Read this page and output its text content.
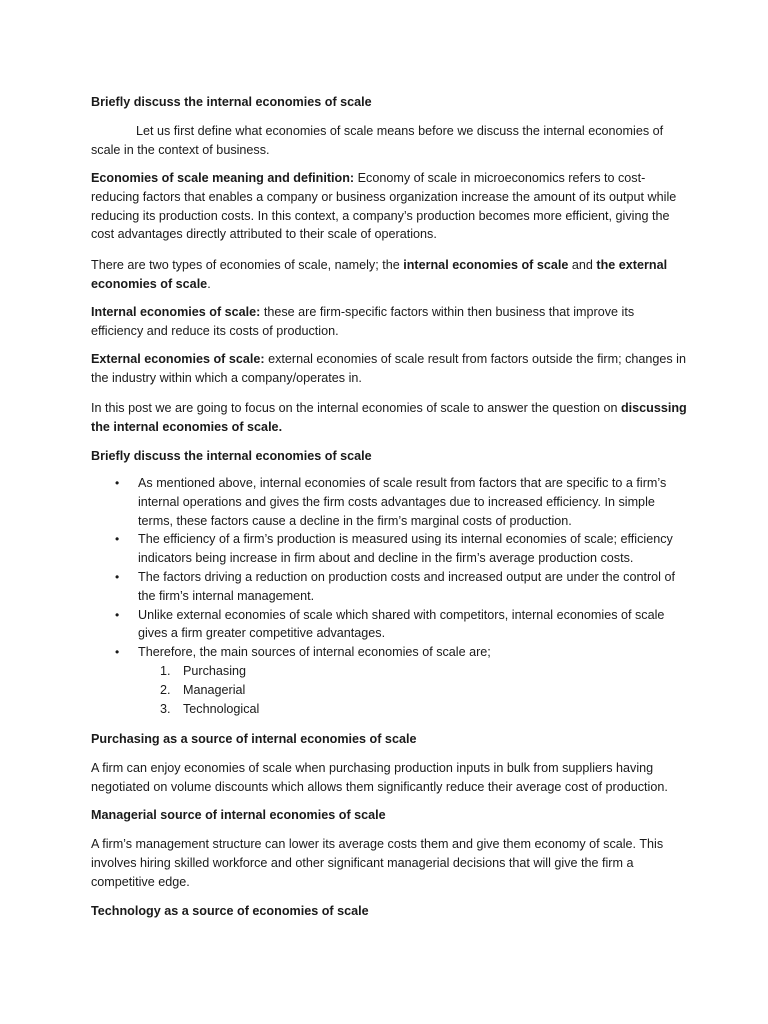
Briefly discuss the internal economies of scale

Let us first define what economies of scale means before we discuss the internal economies of scale in the context of business.

Economies of scale meaning and definition: Economy of scale in microeconomics refers to cost-reducing factors that enables a company or business organization increase the amount of its output while reducing its production costs. In this context, a company’s production becomes more efficient, giving the cost advantages directly attributed to their scale of operations.

There are two types of economies of scale, namely; the internal economies of scale and the external economies of scale.

Internal economies of scale: these are firm-specific factors within then business that improve its efficiency and reduce its costs of production.

External economies of scale: external economies of scale result from factors outside the firm; changes in the industry within which a company/operates in.

In this post we are going to focus on the internal economies of scale to answer the question on discussing the internal economies of scale.

Briefly discuss the internal economies of scale

• As mentioned above, internal economies of scale result from factors that are specific to a firm’s internal operations and gives the firm costs advantages due to increased efficiency. In simple terms, these factors cause a decline in the firm’s marginal costs of production.
• The efficiency of a firm’s production is measured using its internal economies of scale; efficiency indicators being increase in firm about and decline in the firm’s average production costs.
• The factors driving a reduction on production costs and increased output are under the control of the firm’s internal management.
• Unlike external economies of scale which shared with competitors, internal economies of scale gives a firm greater competitive advantages.
• Therefore, the main sources of internal economies of scale are;
1. Purchasing
2. Managerial
3. Technological

Purchasing as a source of internal economies of scale

A firm can enjoy economies of scale when purchasing production inputs in bulk from suppliers having negotiated on volume discounts which allows them significantly reduce their average cost of production.

Managerial source of internal economies of scale

A firm’s management structure can lower its average costs them and give them economy of scale. This involves hiring skilled workforce and other significant managerial decisions that will give the firm a competitive edge.

Technology as a source of economies of scale
